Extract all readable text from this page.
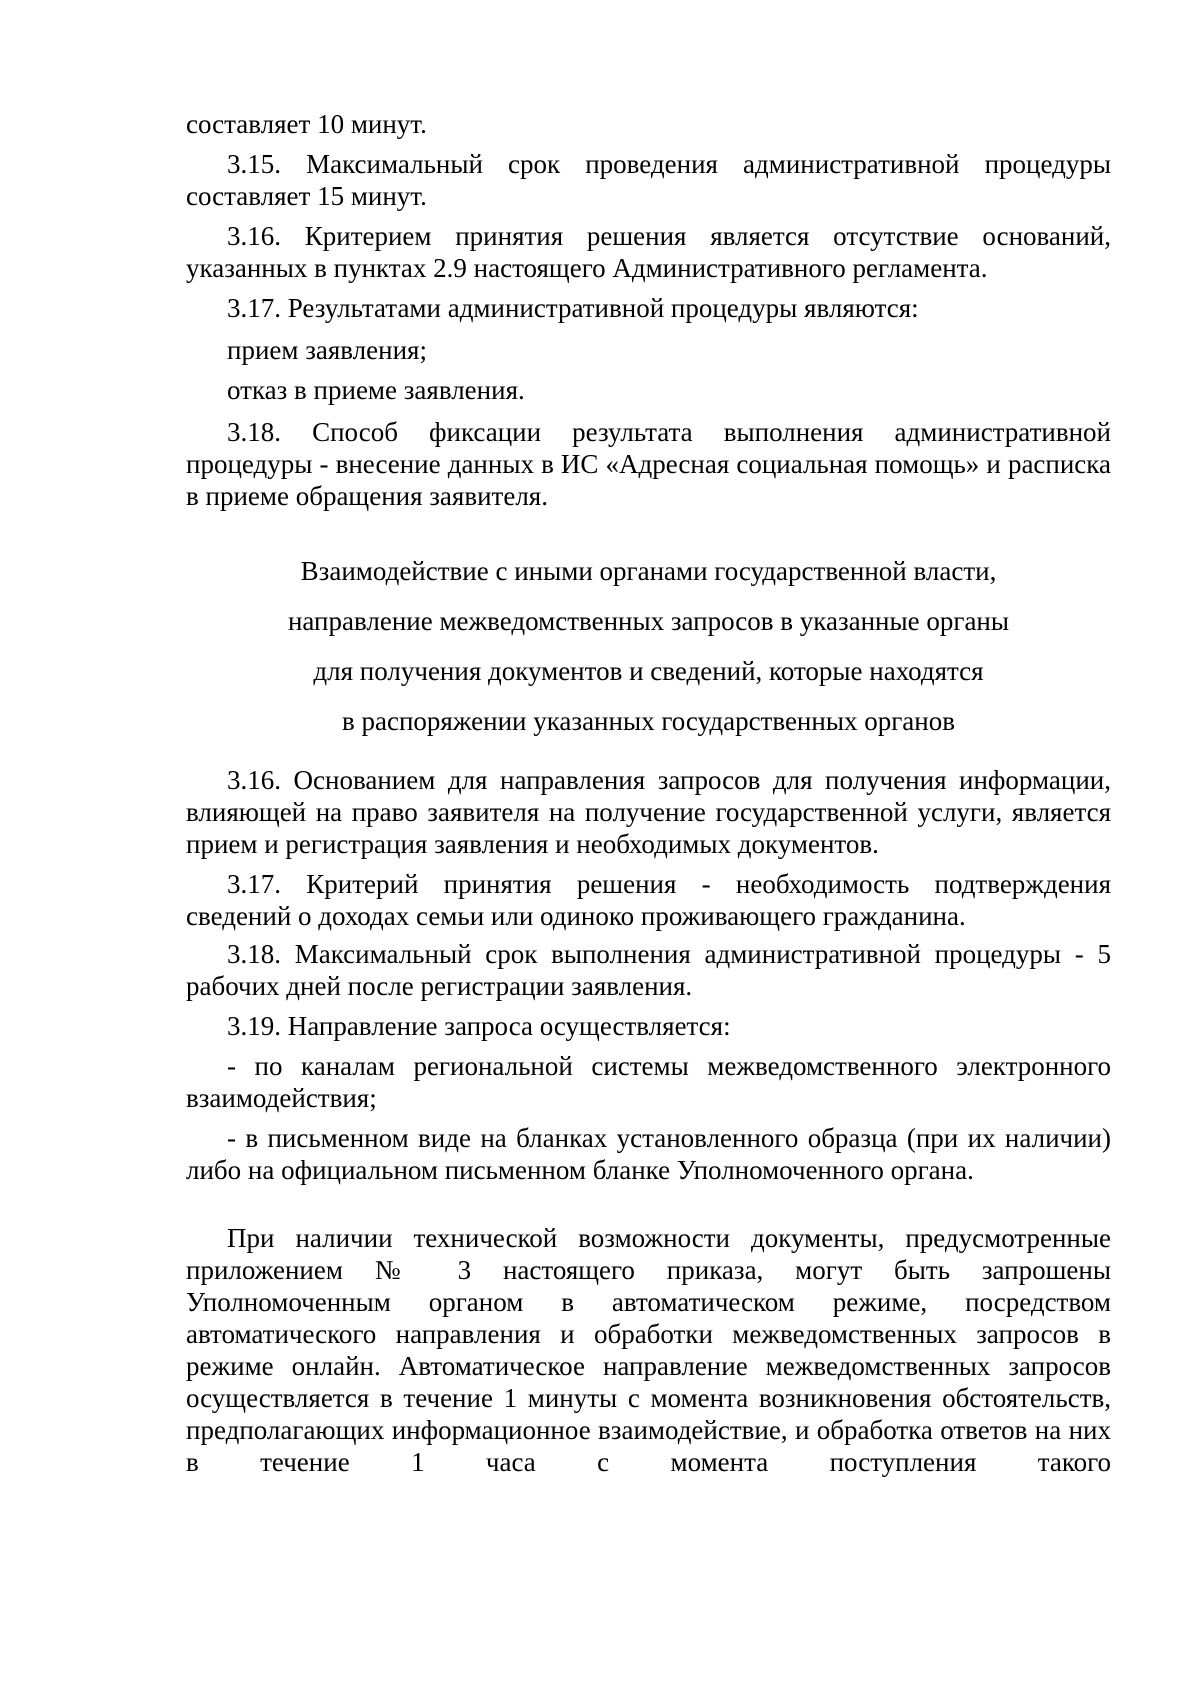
составляет 10 минут.

3.15. Максимальный срок проведения административной процедуры составляет 15 минут.

3.16. Критерием принятия решения является отсутствие оснований, указанных в пунктах 2.9 настоящего Административного регламента.

3.17. Результатами административной процедуры являются:

прием заявления;

отказ в приеме заявления.

3.18. Способ фиксации результата выполнения административной процедуры - внесение данных в ИС «Адресная социальная помощь» и расписка в приеме обращения заявителя.

Взаимодействие с иными органами государственной власти,
направление межведомственных запросов в указанные органы
для получения документов и сведений, которые находятся
в распоряжении указанных государственных органов

3.16. Основанием для направления запросов для получения информации, влияющей на право заявителя на получение государственной услуги, является прием и регистрация заявления и необходимых документов.

3.17. Критерий принятия решения - необходимость подтверждения сведений о доходах семьи или одиноко проживающего гражданина.

3.18. Максимальный срок выполнения административной процедуры - 5 рабочих дней после регистрации заявления.

3.19. Направление запроса осуществляется:

- по каналам региональной системы межведомственного электронного взаимодействия;

- в письменном виде на бланках установленного образца (при их наличии) либо на официальном письменном бланке Уполномоченного органа.

При наличии технической возможности документы, предусмотренные приложением № 3 настоящего приказа, могут быть запрошены Уполномоченным органом в автоматическом режиме, посредством автоматического направления и обработки межведомственных запросов в режиме онлайн. Автоматическое направление межведомственных запросов осуществляется в течение 1 минуты с момента возникновения обстоятельств, предполагающих информационное взаимодействие, и обработка ответов на них в течение 1 часа с момента поступления такого
